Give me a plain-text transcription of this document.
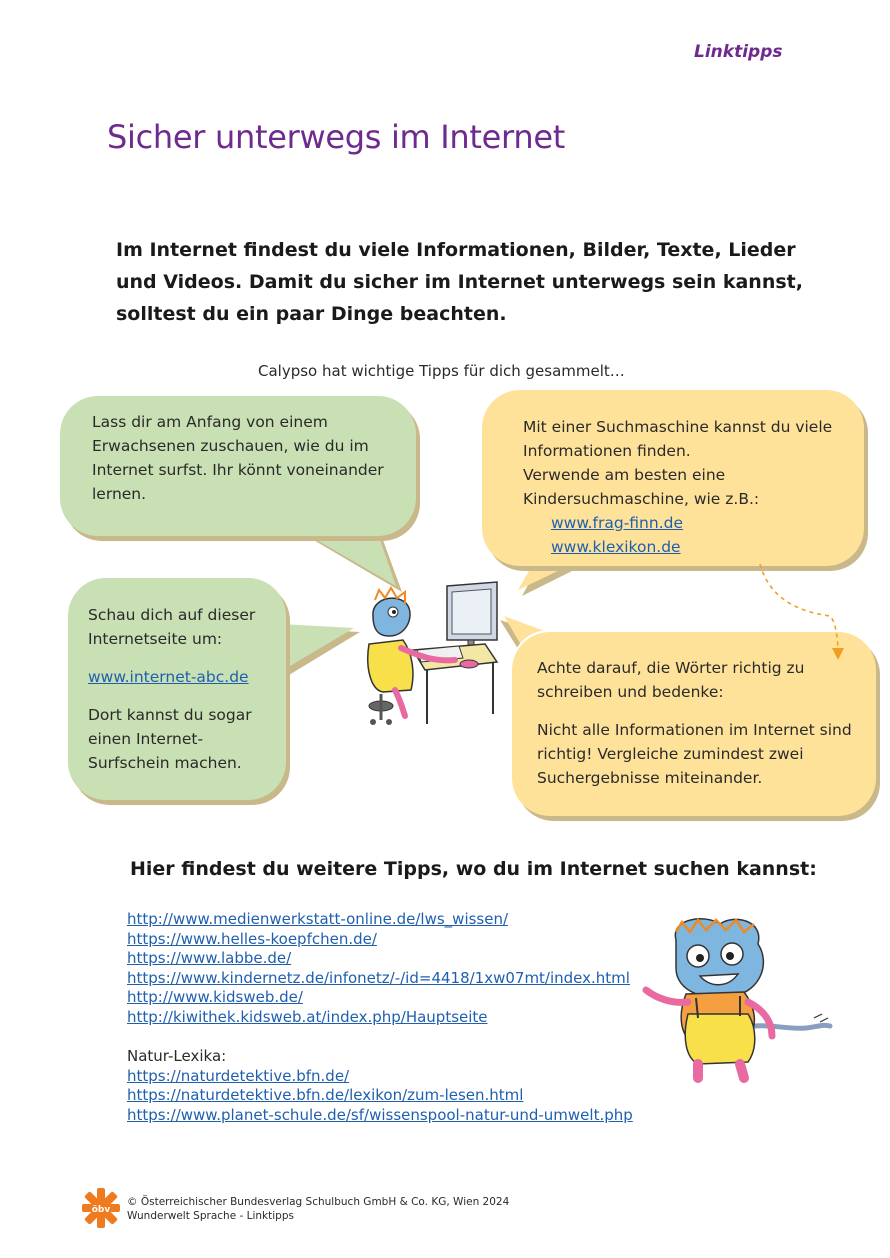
Linktipps
Sicher unterwegs im Internet
Im Internet findest du viele Informationen, Bilder, Texte, Lieder und Videos. Damit du sicher im Internet unterwegs sein kannst, solltest du ein paar Dinge beachten.
Calypso hat wichtige Tipps für dich gesammelt…
Lass dir am Anfang von einem Erwachsenen zuschauen, wie du im Internet surfst. Ihr könnt voneinander lernen.
Mit einer Suchmaschine kannst du viele Informationen finden.
Verwende am besten eine Kindersuchmaschine, wie z.B.:
www.frag-finn.de
www.klexikon.de
Schau dich auf dieser Internetseite um:
www.internet-abc.de
Dort kannst du sogar einen Internet-Surfschein machen.
Achte darauf, die Wörter richtig zu schreiben und bedenke:
Nicht alle Informationen im Internet sind richtig! Vergleiche zumindest zwei Suchergebnisse miteinander.
Hier findest du weitere Tipps, wo du im Internet suchen kannst:
http://www.medienwerkstatt-online.de/lws_wissen/
https://www.helles-koepfchen.de/
https://www.labbe.de/
https://www.kindernetz.de/infonetz/-/id=4418/1xw07mt/index.html
http://www.kidsweb.de/
http://kiwithek.kidsweb.at/index.php/Hauptseite
Natur-Lexika:
https://naturdetektive.bfn.de/
https://naturdetektive.bfn.de/lexikon/zum-lesen.html
https://www.planet-schule.de/sf/wissenspool-natur-und-umwelt.php
öbv
© Österreichischer Bundesverlag Schulbuch GmbH & Co. KG, Wien 2024
Wunderwelt Sprache - Linktipps
